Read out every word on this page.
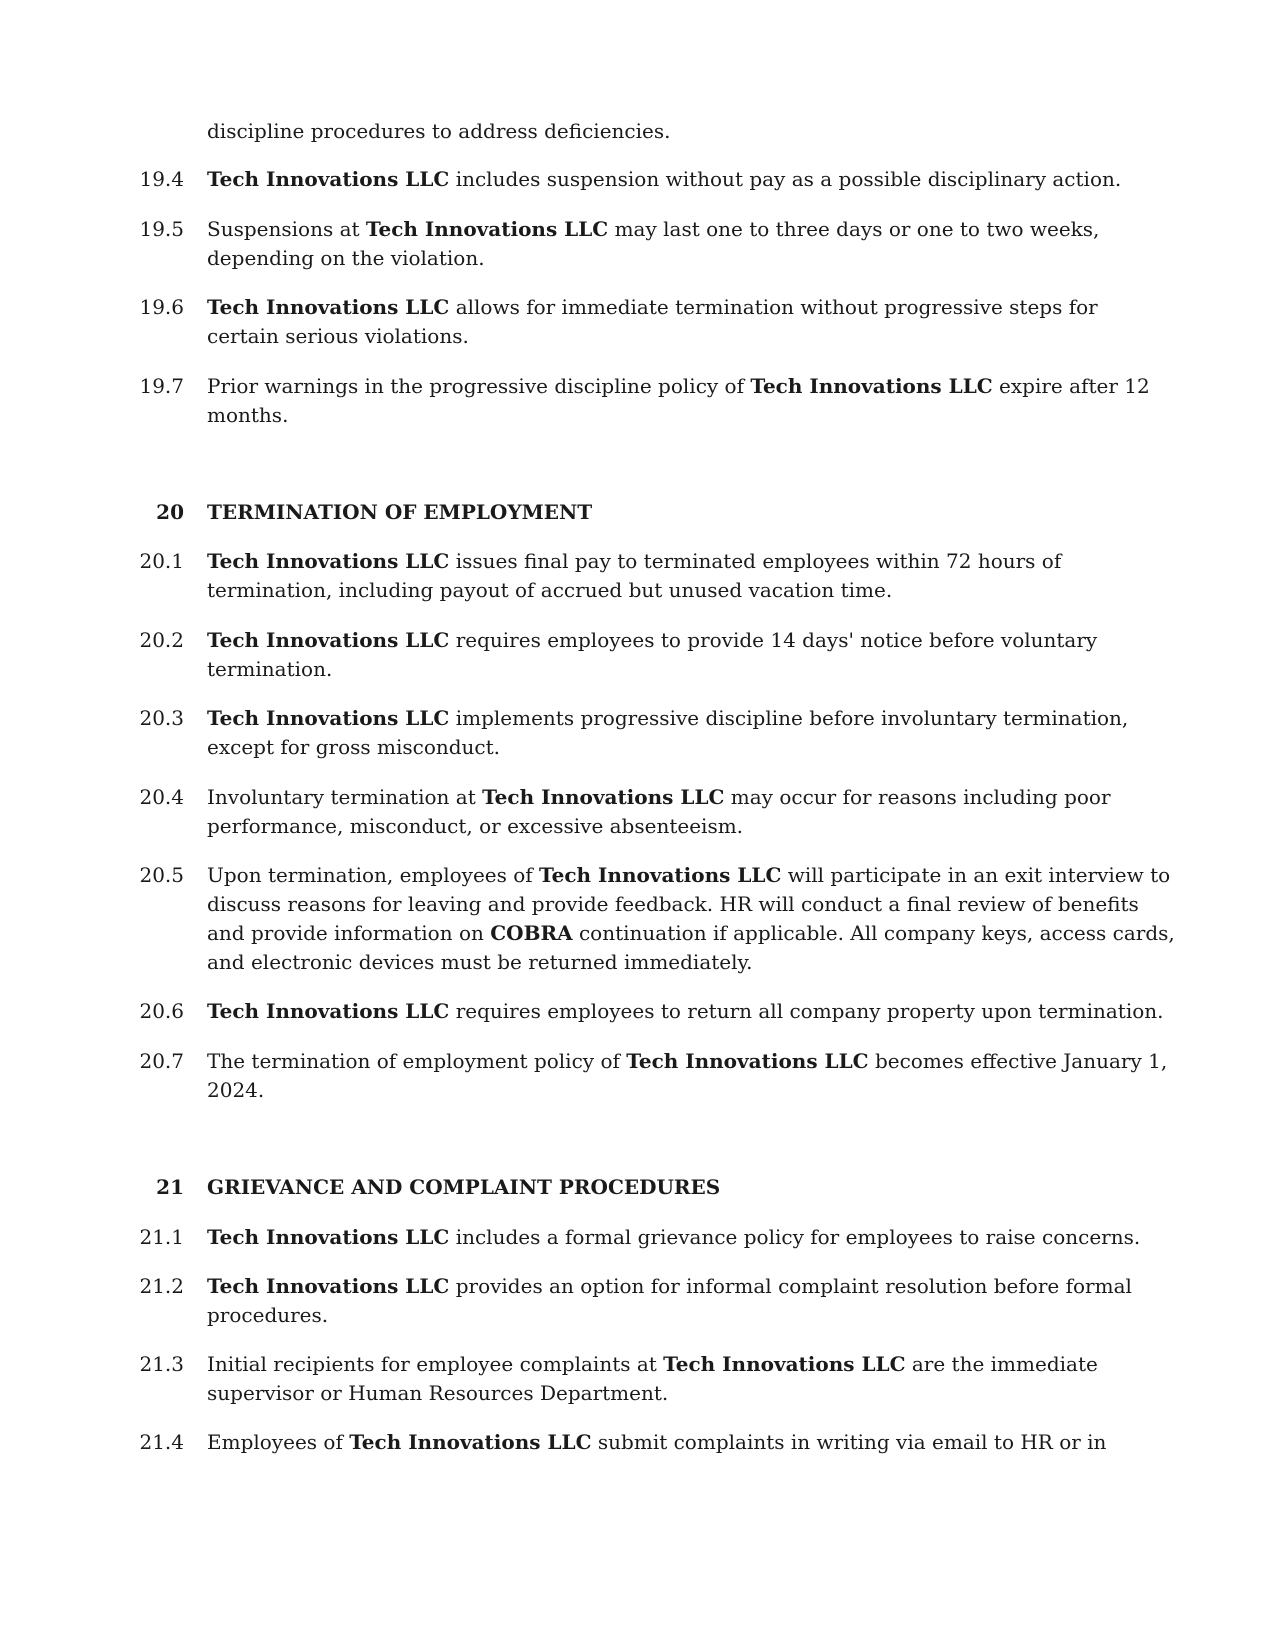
discipline procedures to address deficiencies.
19.4 Tech Innovations LLC includes suspension without pay as a possible disciplinary action.
19.5 Suspensions at Tech Innovations LLC may last one to three days or one to two weeks,
depending on the violation.
19.6 Tech Innovations LLC allows for immediate termination without progressive steps for
certain serious violations.
19.7 Prior warnings in the progressive discipline policy of Tech Innovations LLC expire after 12
months.
20 TERMINATION OF EMPLOYMENT
20.1 Tech Innovations LLC issues final pay to terminated employees within 72 hours of
termination, including payout of accrued but unused vacation time.
20.2 Tech Innovations LLC requires employees to provide 14 days' notice before voluntary
termination.
20.3 Tech Innovations LLC implements progressive discipline before involuntary termination,
except for gross misconduct.
20.4 Involuntary termination at Tech Innovations LLC may occur for reasons including poor
performance, misconduct, or excessive absenteeism.
20.5 Upon termination, employees of Tech Innovations LLC will participate in an exit interview to
discuss reasons for leaving and provide feedback. HR will conduct a final review of benefits
and provide information on COBRA continuation if applicable. All company keys, access cards,
and electronic devices must be returned immediately.
20.6 Tech Innovations LLC requires employees to return all company property upon termination.
20.7 The termination of employment policy of Tech Innovations LLC becomes effective January 1,
2024.
21 GRIEVANCE AND COMPLAINT PROCEDURES
21.1 Tech Innovations LLC includes a formal grievance policy for employees to raise concerns.
21.2 Tech Innovations LLC provides an option for informal complaint resolution before formal
procedures.
21.3 Initial recipients for employee complaints at Tech Innovations LLC are the immediate
supervisor or Human Resources Department.
21.4 Employees of Tech Innovations LLC submit complaints in writing via email to HR or in
